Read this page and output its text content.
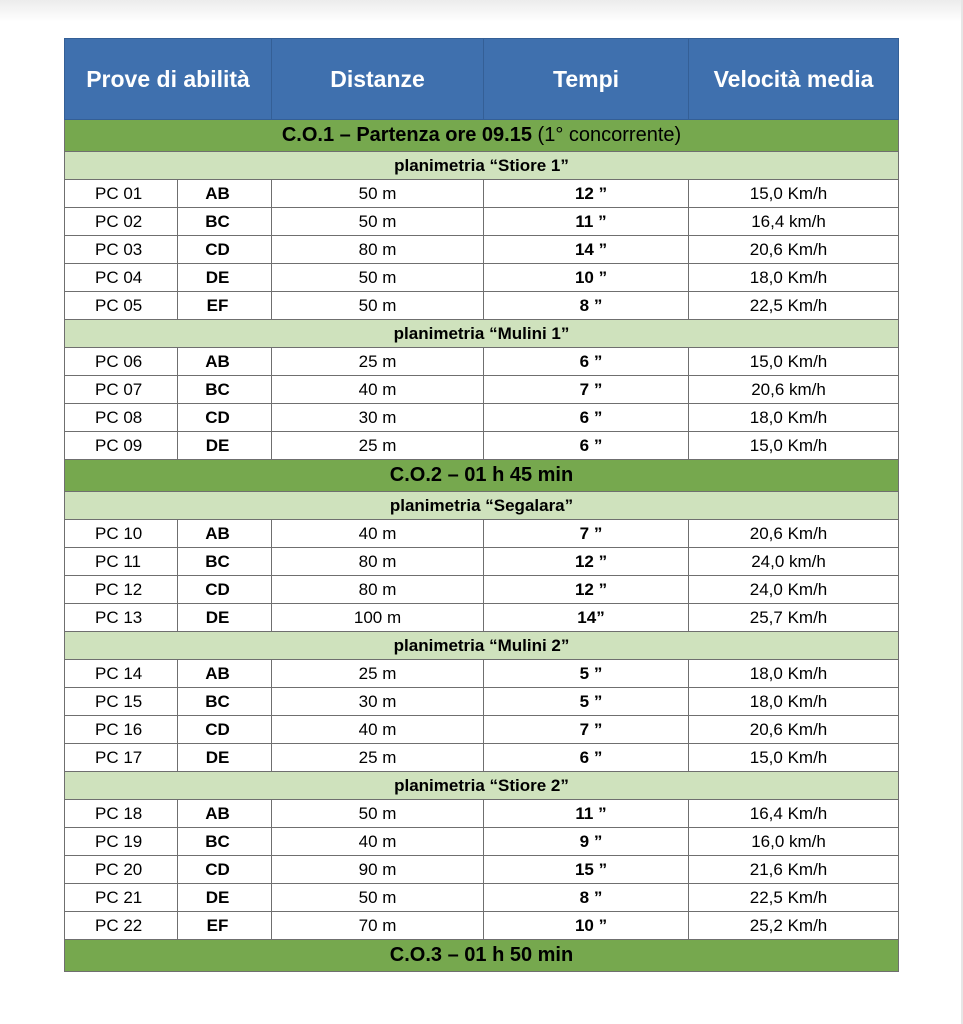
Prove di abilità		Distanze	Tempi	Velocità media
C.O.1 – Partenza ore 09.15 (1° concorrente)				
planimetria “Stiore 1”				
PC 01	AB	50 m	12 ”	15,0 Km/h
PC 02	BC	50 m	11 ”	16,4 km/h
PC 03	CD	80 m	14 ”	20,6 Km/h
PC 04	DE	50 m	10 ”	18,0 Km/h
PC 05	EF	50 m	8 ”	22,5 Km/h
planimetria “Mulini 1”				
PC 06	AB	25 m	6 ”	15,0 Km/h
PC 07	BC	40 m	7 ”	20,6 km/h
PC 08	CD	30 m	6 ”	18,0 Km/h
PC 09	DE	25 m	6 ”	15,0 Km/h
C.O.2 – 01 h 45 min				
planimetria “Segalara”				
PC 10	AB	40 m	7 ”	20,6 Km/h
PC 11	BC	80 m	12 ”	24,0 km/h
PC 12	CD	80 m	12 ”	24,0 Km/h
PC 13	DE	100 m	14”	25,7 Km/h
planimetria “Mulini 2”				
PC 14	AB	25 m	5 ”	18,0 Km/h
PC 15	BC	30 m	5 ”	18,0 Km/h
PC 16	CD	40 m	7 ”	20,6 Km/h
PC 17	DE	25 m	6 ”	15,0 Km/h
planimetria “Stiore 2”				
PC 18	AB	50 m	11 ”	16,4 Km/h
PC 19	BC	40 m	9 ”	16,0 km/h
PC 20	CD	90 m	15 ”	21,6 Km/h
PC 21	DE	50 m	8 ”	22,5 Km/h
PC 22	EF	70 m	10 ”	25,2 Km/h
C.O.3 – 01 h 50 min				
